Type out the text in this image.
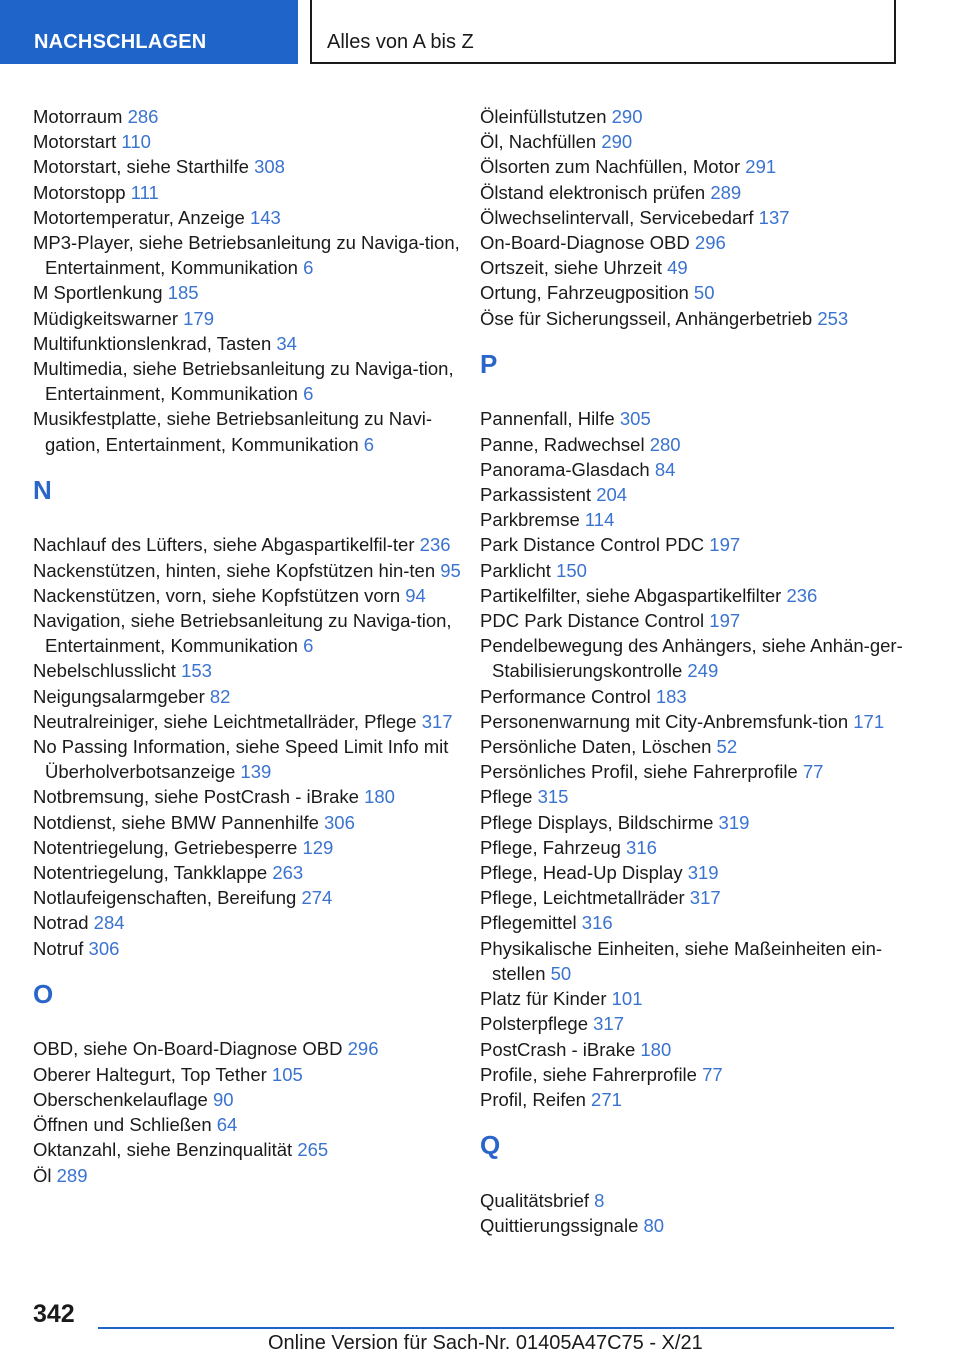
NACHSCHLAGEN	Alles von A bis Z
Motorraum 286
Motorstart 110
Motorstart, siehe Starthilfe 308
Motorstopp 111
Motortemperatur, Anzeige 143
MP3-Player, siehe Betriebsanleitung zu Naviga-tion, Entertainment, Kommunikation 6
M Sportlenkung 185
Müdigkeitswarner 179
Multifunktionslenkrad, Tasten 34
Multimedia, siehe Betriebsanleitung zu Naviga-tion, Entertainment, Kommunikation 6
Musikfestplatte, siehe Betriebsanleitung zu Navi-gation, Entertainment, Kommunikation 6
N
Nachlauf des Lüfters, siehe Abgaspartikelfil-ter 236
Nackenstützen, hinten, siehe Kopfstützen hin-ten 95
Nackenstützen, vorn, siehe Kopfstützen vorn 94
Navigation, siehe Betriebsanleitung zu Naviga-tion, Entertainment, Kommunikation 6
Nebelschlusslicht 153
Neigungsalarmgeber 82
Neutralreiniger, siehe Leichtmetallräder, Pflege 317
No Passing Information, siehe Speed Limit Info mit Überholverbotsanzeige 139
Notbremsung, siehe PostCrash - iBrake 180
Notdienst, siehe BMW Pannenhilfe 306
Notentriegelung, Getriebesperre 129
Notentriegelung, Tankklappe 263
Notlaufeigenschaften, Bereifung 274
Notrad 284
Notruf 306
O
OBD, siehe On-Board-Diagnose OBD 296
Oberer Haltegurt, Top Tether 105
Oberschenkelauflage 90
Öffnen und Schließen 64
Oktanzahl, siehe Benzinqualität 265
Öl 289
Öleinfüllstutzen 290
Öl, Nachfüllen 290
Ölsorten zum Nachfüllen, Motor 291
Ölstand elektronisch prüfen 289
Ölwechselintervall, Servicebedarf 137
On-Board-Diagnose OBD 296
Ortszeit, siehe Uhrzeit 49
Ortung, Fahrzeugposition 50
Öse für Sicherungsseil, Anhängerbetrieb 253
P
Pannenfall, Hilfe 305
Panne, Radwechsel 280
Panorama-Glasdach 84
Parkassistent 204
Parkbremse 114
Park Distance Control PDC 197
Parklicht 150
Partikelfilter, siehe Abgaspartikelfilter 236
PDC Park Distance Control 197
Pendelbewegung des Anhängers, siehe Anhän-ger-Stabilisierungskontrolle 249
Performance Control 183
Personenwarnung mit City-Anbremsfunk-tion 171
Persönliche Daten, Löschen 52
Persönliches Profil, siehe Fahrerprofile 77
Pflege 315
Pflege Displays, Bildschirme 319
Pflege, Fahrzeug 316
Pflege, Head-Up Display 319
Pflege, Leichtmetallräder 317
Pflegemittel 316
Physikalische Einheiten, siehe Maßeinheiten ein-stellen 50
Platz für Kinder 101
Polsterpflege 317
PostCrash - iBrake 180
Profile, siehe Fahrerprofile 77
Profil, Reifen 271
Q
Qualitätsbrief 8
Quittierungssignale 80
342
Online Version für Sach-Nr. 01405A47C75 - X/21
